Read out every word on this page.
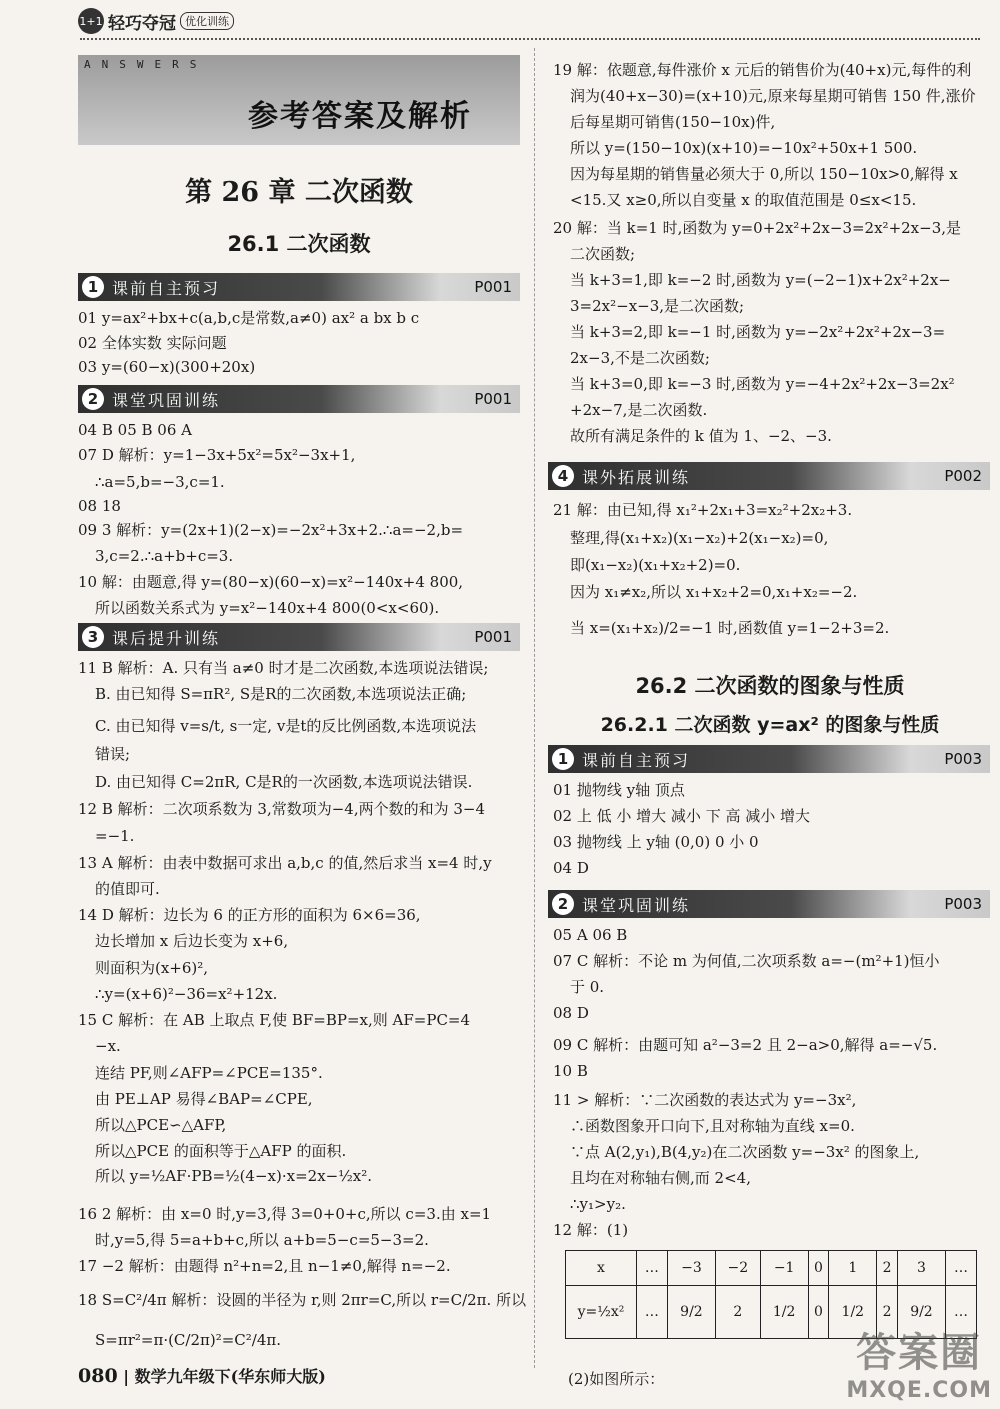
1+1 轻巧夺冠 优化训练
ANSWERS
参考答案及解析
第 26 章 二次函数
26.1 二次函数
1 课前自主预习	P001
2 课堂巩固训练	P001
3 课后提升训练	P001
01 y=ax²+bx+c(a,b,c是常数,a≠0) ax² a bx b c
02 全体实数 实际问题
03 y=(60−x)(300+20x)
04 B 05 B 06 A
07 D 解析：y=1−3x+5x²=5x²−3x+1,
∴a=5,b=−3,c=1.
08 18
09 3 解析：y=(2x+1)(2−x)=−2x²+3x+2.∴a=−2,b=
3,c=2.∴a+b+c=3.
10 解：由题意,得 y=(80−x)(60−x)=x²−140x+4 800,
所以函数关系式为 y=x²−140x+4 800(0<x<60).
11 B 解析：A. 只有当 a≠0 时才是二次函数,本选项说法错误;
B. 由已知得 S=πR², S是R的二次函数,本选项说法正确;
C. 由已知得 v=s/t, s一定, v是t的反比例函数,本选项说法
错误;
D. 由已知得 C=2πR, C是R的一次函数,本选项说法错误.
12 B 解析：二次项系数为 3,常数项为−4,两个数的和为 3−4
=−1.
13 A 解析：由表中数据可求出 a,b,c 的值,然后求当 x=4 时,y
的值即可.
14 D 解析：边长为 6 的正方形的面积为 6×6=36,
边长增加 x 后边长变为 x+6,
则面积为(x+6)²,
∴y=(x+6)²−36=x²+12x.
15 C 解析：在 AB 上取点 F,使 BF=BP=x,则 AF=PC=4
−x.
连结 PF,则∠AFP=∠PCE=135°.
由 PE⊥AP 易得∠BAP=∠CPE,
所以△PCE∽△AFP,
所以△PCE 的面积等于△AFP 的面积.
所以 y=½AF·PB=½(4−x)·x=2x−½x².
16 2 解析：由 x=0 时,y=3,得 3=0+0+c,所以 c=3.由 x=1
时,y=5,得 5=a+b+c,所以 a+b=5−c=5−3=2.
17 −2 解析：由题得 n²+n=2,且 n−1≠0,解得 n=−2.
18 S=C²/4π 解析：设圆的半径为 r,则 2πr=C,所以 r=C/2π. 所以
S=πr²=π·(C/2π)²=C²/4π.
19 解：依题意,每件涨价 x 元后的销售价为(40+x)元,每件的利
润为(40+x−30)=(x+10)元,原来每星期可销售 150 件,涨价
后每星期可销售(150−10x)件,
所以 y=(150−10x)(x+10)=−10x²+50x+1 500.
因为每星期的销售量必须大于 0,所以 150−10x>0,解得 x
<15.又 x≥0,所以自变量 x 的取值范围是 0≤x<15.
20 解：当 k=1 时,函数为 y=0+2x²+2x−3=2x²+2x−3,是
二次函数;
当 k+3=1,即 k=−2 时,函数为 y=(−2−1)x+2x²+2x−
3=2x²−x−3,是二次函数;
当 k+3=2,即 k=−1 时,函数为 y=−2x²+2x²+2x−3=
2x−3,不是二次函数;
当 k+3=0,即 k=−3 时,函数为 y=−4+2x²+2x−3=2x²
+2x−7,是二次函数.
故所有满足条件的 k 值为 1、−2、−3.
21 解：由已知,得 x₁²+2x₁+3=x₂²+2x₂+3.
整理,得(x₁+x₂)(x₁−x₂)+2(x₁−x₂)=0,
即(x₁−x₂)(x₁+x₂+2)=0.
因为 x₁≠x₂,所以 x₁+x₂+2=0,x₁+x₂=−2.
当 x=(x₁+x₂)/2=−1 时,函数值 y=1−2+3=2.
4 课外拓展训练	P002
26.2 二次函数的图象与性质
26.2.1 二次函数 y=ax² 的图象与性质
1 课前自主预习	P003
2 课堂巩固训练	P003
01 抛物线 y轴 顶点
02 上 低 小 增大 减小 下 高 减小 增大
03 抛物线 上 y轴 (0,0) 0 小 0
04 D
05 A 06 B
07 C 解析：不论 m 为何值,二次项系数 a=−(m²+1)恒小
于 0.
08 D
09 C 解析：由题可知 a²−3=2 且 2−a>0,解得 a=−√5.
10 B
11 > 解析：∵二次函数的表达式为 y=−3x²,
∴函数图象开口向下,且对称轴为直线 x=0.
∵点 A(2,y₁),B(4,y₂)在二次函数 y=−3x² 的图象上,
且均在对称轴右侧,而 2<4,
∴y₁>y₂.
12 解：(1)
x	…	−3	−2	−1	0	1	2	3	…
y=½x²	…	9/2	2	1/2	0	1/2	2	9/2	…
(2)如图所示：
080 | 数学九年级下(华东师大版)
答案圈
MXQE.COM
